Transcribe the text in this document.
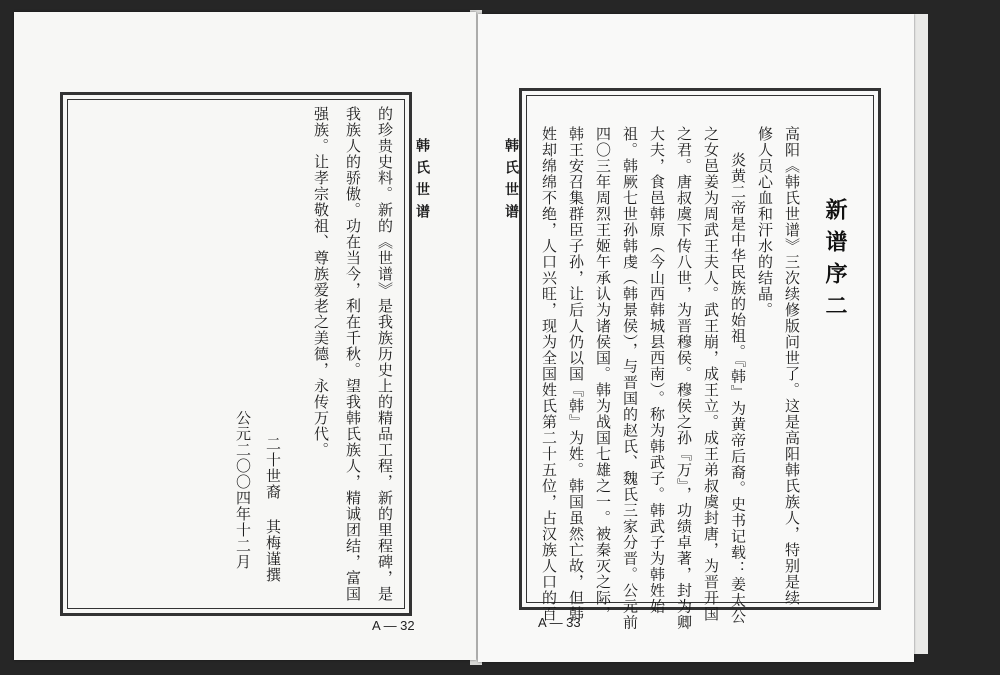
韩氏世谱
的珍贵史料。新的《世谱》是我族历史上的精品工程，新的里程碑，是
我族人的骄傲。功在当今，利在千秋。望我韩氏族人，精诚团结，富国
强族。让孝宗敬祖、尊族爱老之美德，永传万代。
二十世裔 其梅谨撰
公元二〇〇四年十二月
A — 32
韩氏世谱
新谱序二
高阳《韩氏世谱》三次续修版问世了。这是高阳韩氏族人，特别是续
修人员心血和汗水的结晶。
炎黄二帝是中华民族的始祖。『韩』为黄帝后裔。史书记载：姜太公
之女邑姜为周武王夫人。武王崩，成王立。成王弟叔虞封唐，为晋开国
之君。唐叔虞下传八世，为晋穆侯。穆侯之孙『万』，功绩卓著，封为卿
大夫，食邑韩原（今山西韩城县西南）。称为韩武子。韩武子为韩姓始
祖。韩厥七世孙韩虔（韩景侯），与晋国的赵氏、魏氏三家分晋。公元前
四〇三年周烈王姬午承认为诸侯国。韩为战国七雄之一。被秦灭之际，
韩王安召集群臣子孙，让后人仍以国『韩』为姓。韩国虽然亡故，但韩
姓却绵绵不绝，人口兴旺，现为全国姓氏第二十五位，占汉族人口的百
A — 33
